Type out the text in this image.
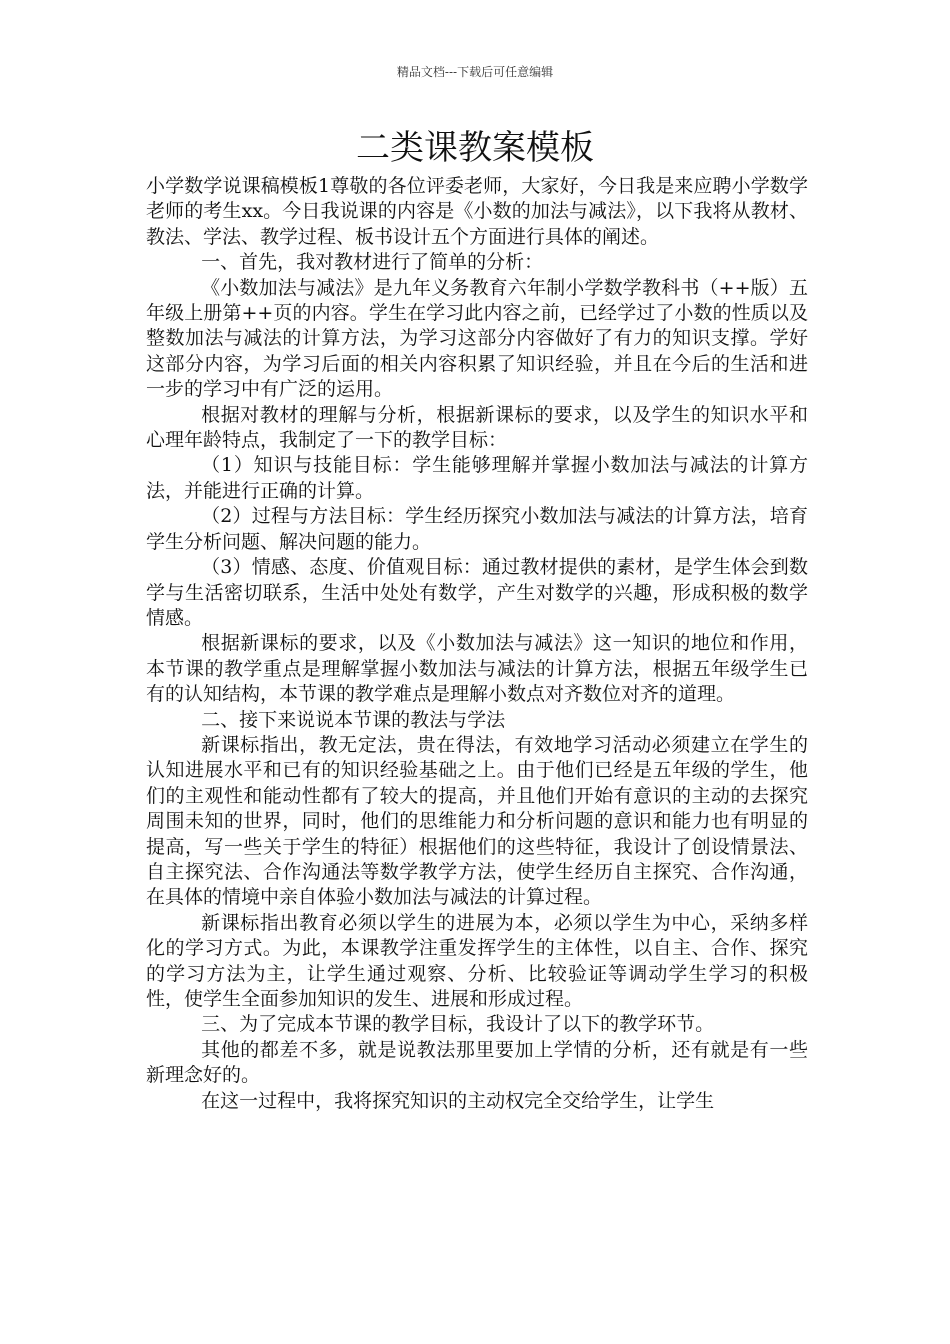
精品文档---下载后可任意编辑
二类课教案模板

小学数学说课稿模板1尊敬的各位评委老师，大家好，今日我是来应聘小学数学老师的考生xx。今日我说课的内容是《小数的加法与减法》，以下我将从教材、教法、学法、教学过程、板书设计五个方面进行具体的阐述。

一、首先，我对教材进行了简单的分析：

《小数加法与减法》是九年义务教育六年制小学数学教科书（++版）五年级上册第++页的内容。学生在学习此内容之前，已经学过了小数的性质以及整数加法与减法的计算方法，为学习这部分内容做好了有力的知识支撑。学好这部分内容，为学习后面的相关内容积累了知识经验，并且在今后的生活和进一步的学习中有广泛的运用。

根据对教材的理解与分析，根据新课标的要求，以及学生的知识水平和心理年龄特点，我制定了一下的教学目标：

（1）知识与技能目标：学生能够理解并掌握小数加法与减法的计算方法，并能进行正确的计算。

（2）过程与方法目标：学生经历探究小数加法与减法的计算方法，培育学生分析问题、解决问题的能力。

（3）情感、态度、价值观目标：通过教材提供的素材，是学生体会到数学与生活密切联系，生活中处处有数学，产生对数学的兴趣，形成积极的数学情感。

根据新课标的要求，以及《小数加法与减法》这一知识的地位和作用，本节课的教学重点是理解掌握小数加法与减法的计算方法，根据五年级学生已有的认知结构，本节课的教学难点是理解小数点对齐数位对齐的道理。

二、接下来说说本节课的教法与学法

新课标指出，教无定法，贵在得法，有效地学习活动必须建立在学生的认知进展水平和已有的知识经验基础之上。由于他们已经是五年级的学生，他们的主观性和能动性都有了较大的提高，并且他们开始有意识的主动的去探究周围未知的世界，同时，他们的思维能力和分析问题的意识和能力也有明显的提高，写一些关于学生的特征）根据他们的这些特征，我设计了创设情景法、自主探究法、合作沟通法等数学教学方法，使学生经历自主探究、合作沟通，在具体的情境中亲自体验小数加法与减法的计算过程。

新课标指出教育必须以学生的进展为本，必须以学生为中心，采纳多样化的学习方式。为此，本课教学注重发挥学生的主体性，以自主、合作、探究的学习方法为主，让学生通过观察、分析、比较验证等调动学生学习的积极性，使学生全面参加知识的发生、进展和形成过程。

三、为了完成本节课的教学目标，我设计了以下的教学环节。

其他的都差不多，就是说教法那里要加上学情的分析，还有就是有一些新理念好的。

在这一过程中，我将探究知识的主动权完全交给学生，让学生
